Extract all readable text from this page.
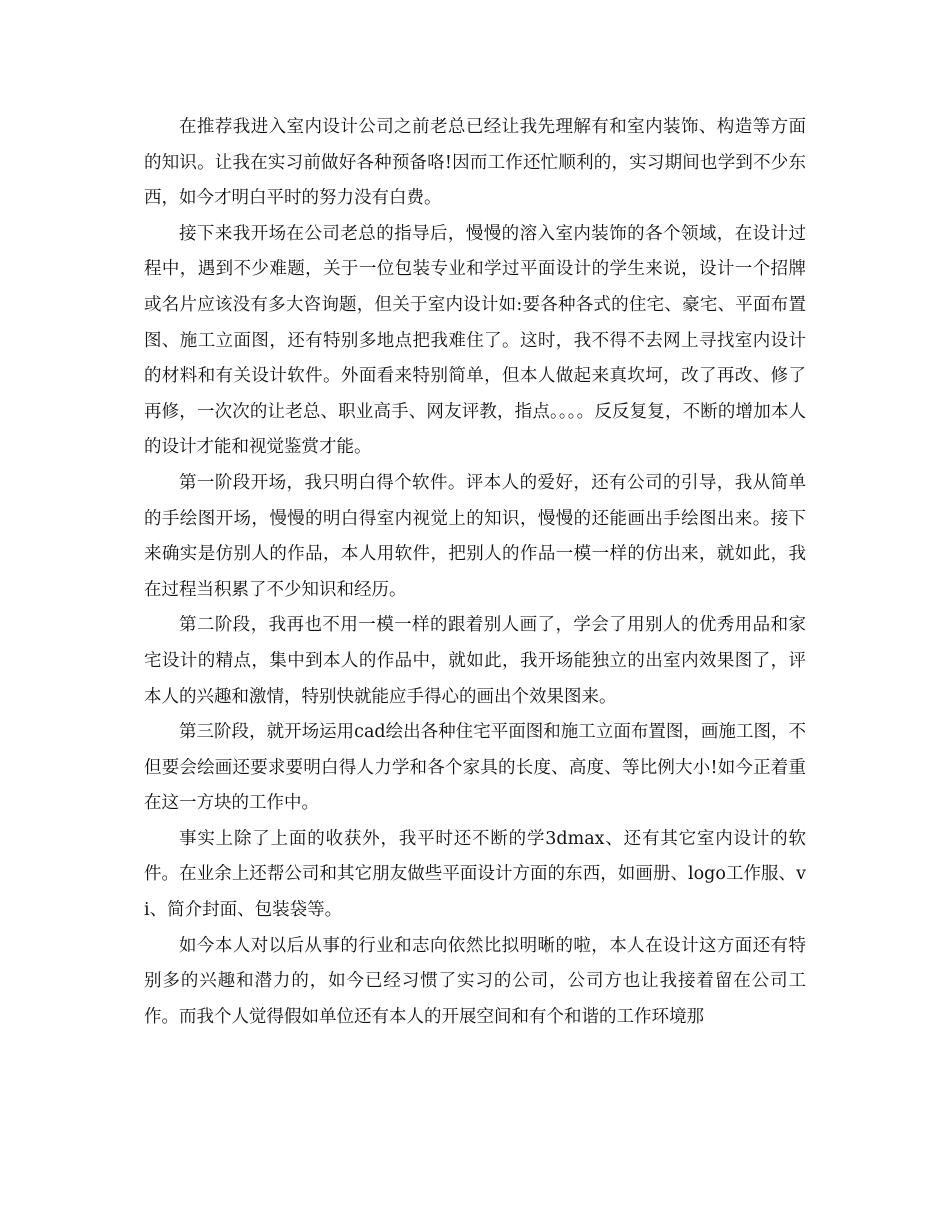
在推荐我进入室内设计公司之前老总已经让我先理解有和室内装饰、构造等方面的知识。让我在实习前做好各种预备咯!因而工作还忙顺利的，实习期间也学到不少东西，如今才明白平时的努力没有白费。

接下来我开场在公司老总的指导后，慢慢的溶入室内装饰的各个领域，在设计过程中，遇到不少难题，关于一位包装专业和学过平面设计的学生来说，设计一个招牌或名片应该没有多大咨询题，但关于室内设计如:要各种各式的住宅、豪宅、平面布置图、施工立面图，还有特别多地点把我难住了。这时，我不得不去网上寻找室内设计的材料和有关设计软件。外面看来特别简单，但本人做起来真坎坷，改了再改、修了再修，一次次的让老总、职业高手、网友评教，指点。。。。反反复复，不断的增加本人的设计才能和视觉鉴赏才能。

第一阶段开场，我只明白得个软件。评本人的爱好，还有公司的引导，我从简单的手绘图开场，慢慢的明白得室内视觉上的知识，慢慢的还能画出手绘图出来。接下来确实是仿别人的作品，本人用软件，把别人的作品一模一样的仿出来，就如此，我在过程当积累了不少知识和经历。

第二阶段，我再也不用一模一样的跟着别人画了，学会了用别人的优秀用品和家宅设计的精点，集中到本人的作品中，就如此，我开场能独立的出室内效果图了，评本人的兴趣和激情，特别快就能应手得心的画出个效果图来。

第三阶段，就开场运用cad绘出各种住宅平面图和施工立面布置图，画施工图，不但要会绘画还要求要明白得人力学和各个家具的长度、高度、等比例大小!如今正着重在这一方块的工作中。

事实上除了上面的收获外，我平时还不断的学3dmax、还有其它室内设计的软件。在业余上还帮公司和其它朋友做些平面设计方面的东西，如画册、logo工作服、vi、简介封面、包装袋等。

如今本人对以后从事的行业和志向依然比拟明晰的啦，本人在设计这方面还有特别多的兴趣和潜力的，如今已经习惯了实习的公司，公司方也让我接着留在公司工作。而我个人觉得假如单位还有本人的开展空间和有个和谐的工作环境那
